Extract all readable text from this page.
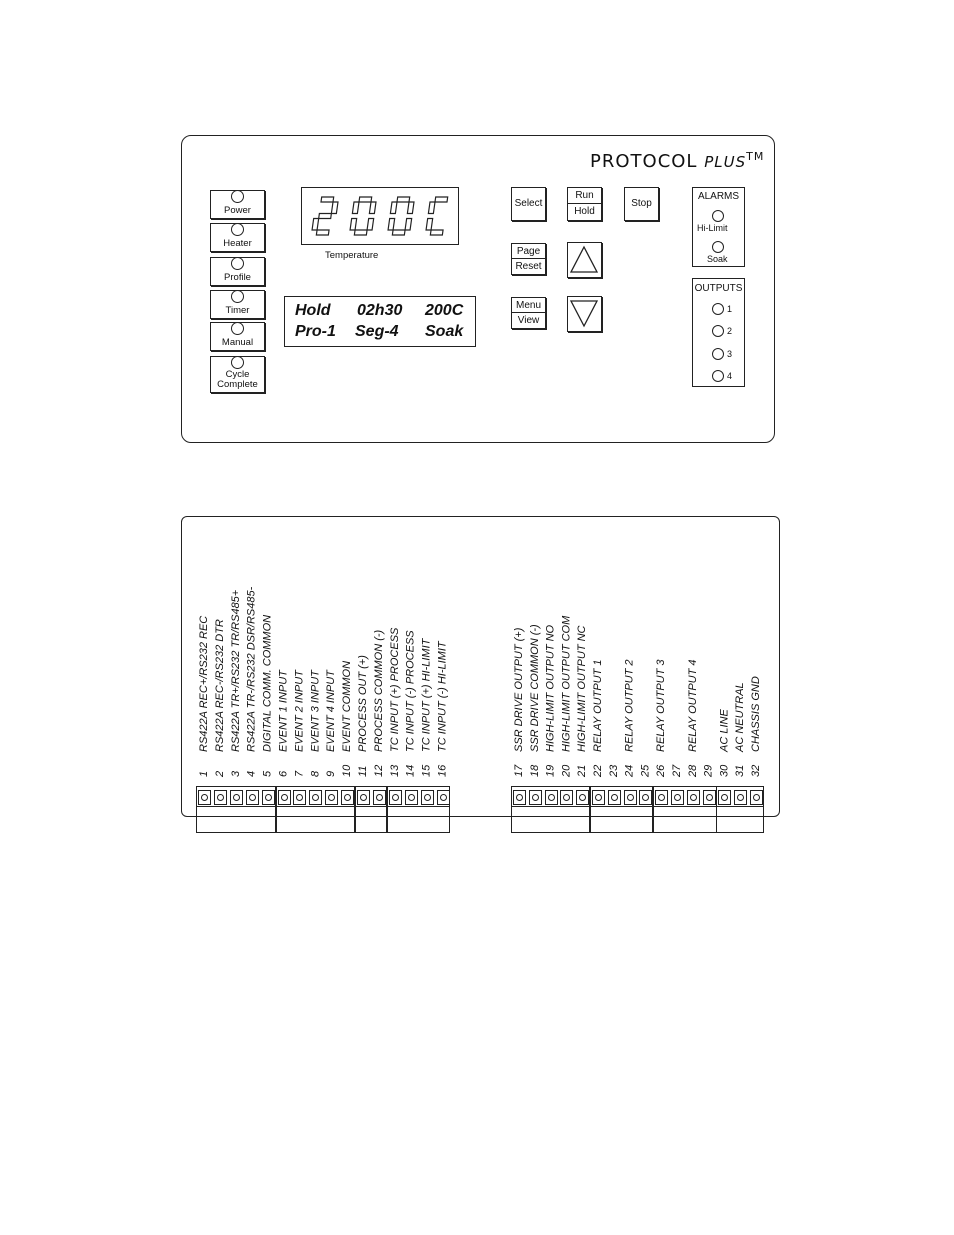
PROTOCOL PLUS™
Power
Heater
Profile
Timer
Manual
Cycle Complete
Temperature
Hold 02h30 200C
Pro-1 Seg-4 Soak
Select
Run
Hold
Stop
Page
Reset
Menu
View
ALARMS
Hi-Limit
Soak
OUTPUTS
1
2
3
4
1
RS422A REC+/RS232 REC
2
RS422A REC-/RS232 DTR
3
RS422A TR+/RS232 TR/RS485+
4
RS422A TR-/RS232 DSR/RS485-
5
DIGITAL COMM. COMMON
6
EVENT 1 INPUT
7
EVENT 2 INPUT
8
EVENT 3 INPUT
9
EVENT 4 INPUT
10
EVENT COMMON
11
PROCESS OUT (+)
12
PROCESS COMMON (-)
13
TC INPUT (+) PROCESS
14
TC INPUT (-) PROCESS
15
TC INPUT (+) HI-LIMIT
16
TC INPUT (-) HI-LIMIT
17
SSR DRIVE OUTPUT (+)
18
SSR DRIVE COMMON (-)
19
HIGH-LIMIT OUTPUT NO
20
HIGH-LIMIT OUTPUT COM
21
HIGH-LIMIT OUTPUT NC
22
RELAY OUTPUT 1
23 24
RELAY OUTPUT 2
25 26
RELAY OUTPUT 3
27 28
RELAY OUTPUT 4
29 30
AC LINE
31
AC NEUTRAL
32
CHASSIS GND
